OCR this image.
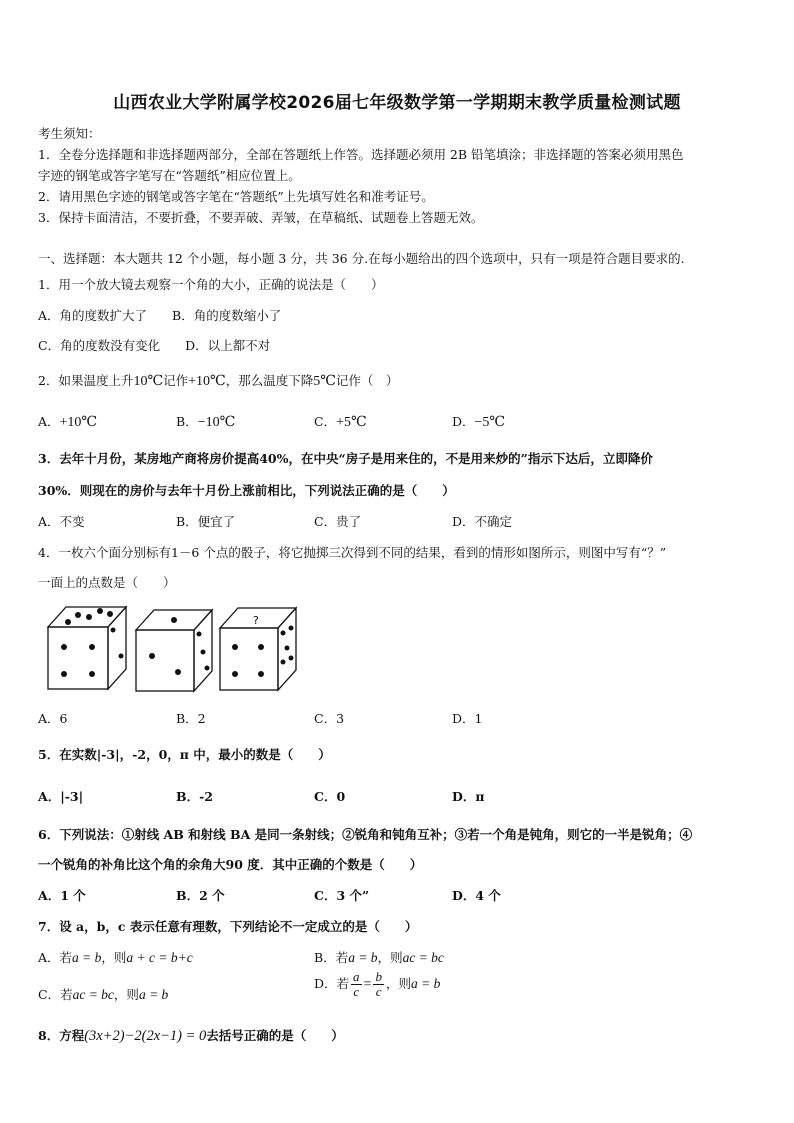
山西农业大学附属学校2026届七年级数学第一学期期末教学质量检测试题
考生须知：
1．全卷分选择题和非选择题两部分，全部在答题纸上作答。选择题必须用 2B 铅笔填涂；非选择题的答案必须用黑色
字迹的钢笔或答字笔写在“答题纸”相应位置上。
2．请用黑色字迹的钢笔或答字笔在“答题纸”上先填写姓名和准考证号。
3．保持卡面清洁，不要折叠，不要弄破、弄皱，在草稿纸、试题卷上答题无效。
一、选择题：本大题共 12 个小题，每小题 3 分，共 36 分.在每小题给出的四个选项中，只有一项是符合题目要求的.
1．用一个放大镜去观察一个角的大小，正确的说法是（　　）
A．角的度数扩大了　　B．角的度数缩小了
C．角的度数没有变化　　D．以上都不对
2．如果温度上升10℃记作+10℃，那么温度下降5℃记作（　）
A．+10℃	B．−10℃	C．+5℃	D．−5℃
3．去年十月份，某房地产商将房价提高40%，在中央“房子是用来住的，不是用来炒的”指示下达后，立即降价
30%．则现在的房价与去年十月份上涨前相比，下列说法正确的是（　　）
A．不变	B．便宜了	C．贵了	D．不确定
4．一枚六个面分别标有1－6 个点的骰子，将它抛掷三次得到不同的结果，看到的情形如图所示，则图中写有“？”
一面上的点数是（　　）
?
A．6	B．2	C．3	D．1
5．在实数|-3|，-2，0，π 中，最小的数是（　　）
A．|-3|	B．-2	C．0	D．π
6．下列说法：①射线 AB 和射线 BA 是同一条射线；②锐角和钝角互补；③若一个角是钝角，则它的一半是锐角；④
一个锐角的补角比这个角的余角大90 度．其中正确的个数是（　　）
A．1 个	B．2 个	C．3 个”	D．4 个
7．设 a，b，c 表示任意有理数，下列结论不一定成立的是（　　）
A．若a = b，则a + c = b+c	B．若a = b，则ac = bc
C．若ac = bc，则a = b
D．若 $\frac{a}{c} = \frac{b}{c}$ ，则a = b
8．方程(3x+2)−2(2x−1) = 0去括号正确的是（　　）
